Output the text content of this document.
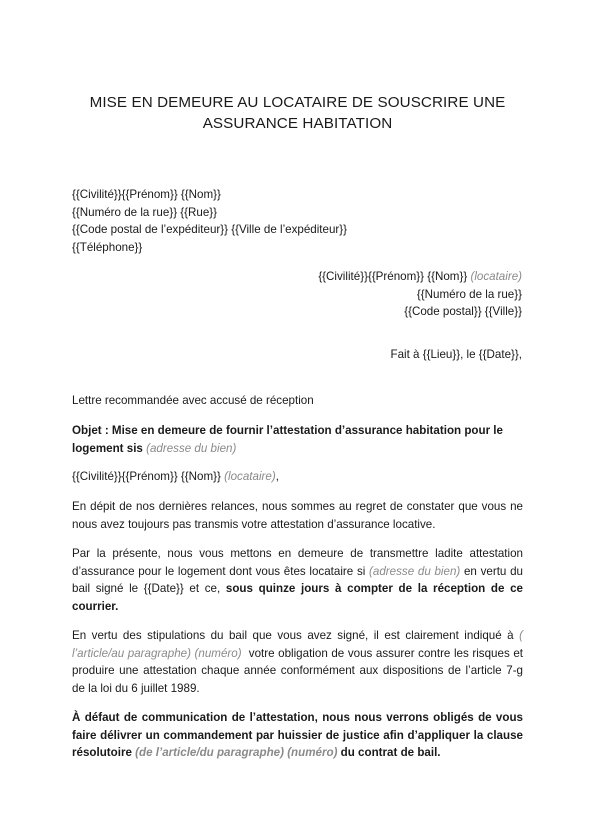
MISE EN DEMEURE AU LOCATAIRE DE SOUSCRIRE UNE
ASSURANCE HABITATION
{{Civilité}}{{Prénom}} {{Nom}}
{{Numéro de la rue}} {{Rue}}
{{Code postal de l’expéditeur}} {{Ville de l’expéditeur}}
{{Téléphone}}
{{Civilité}}{{Prénom}} {{Nom}} (locataire)
{{Numéro de la rue}}
{{Code postal}} {{Ville}}
Fait à {{Lieu}}, le {{Date}},
Lettre recommandée avec accusé de réception
Objet : Mise en demeure de fournir l’attestation d’assurance habitation pour le logement sis (adresse du bien)
{{Civilité}}{{Prénom}} {{Nom}} (locataire),
En dépit de nos dernières relances, nous sommes au regret de constater que vous ne nous avez toujours pas transmis votre attestation d’assurance locative.
Par la présente, nous vous mettons en demeure de transmettre ladite attestation d’assurance pour le logement dont vous êtes locataire si (adresse du bien) en vertu du bail signé le {{Date}} et ce, sous quinze jours à compter de la réception de ce courrier.
En vertu des stipulations du bail que vous avez signé, il est clairement indiqué à ( l’article/au paragraphe) (numéro) votre obligation de vous assurer contre les risques et produire une attestation chaque année conformément aux dispositions de l’article 7-g de la loi du 6 juillet 1989.
À défaut de communication de l’attestation, nous nous verrons obligés de vous faire délivrer un commandement par huissier de justice afin d’appliquer la clause résolutoire (de l’article/du paragraphe) (numéro) du contrat de bail.
